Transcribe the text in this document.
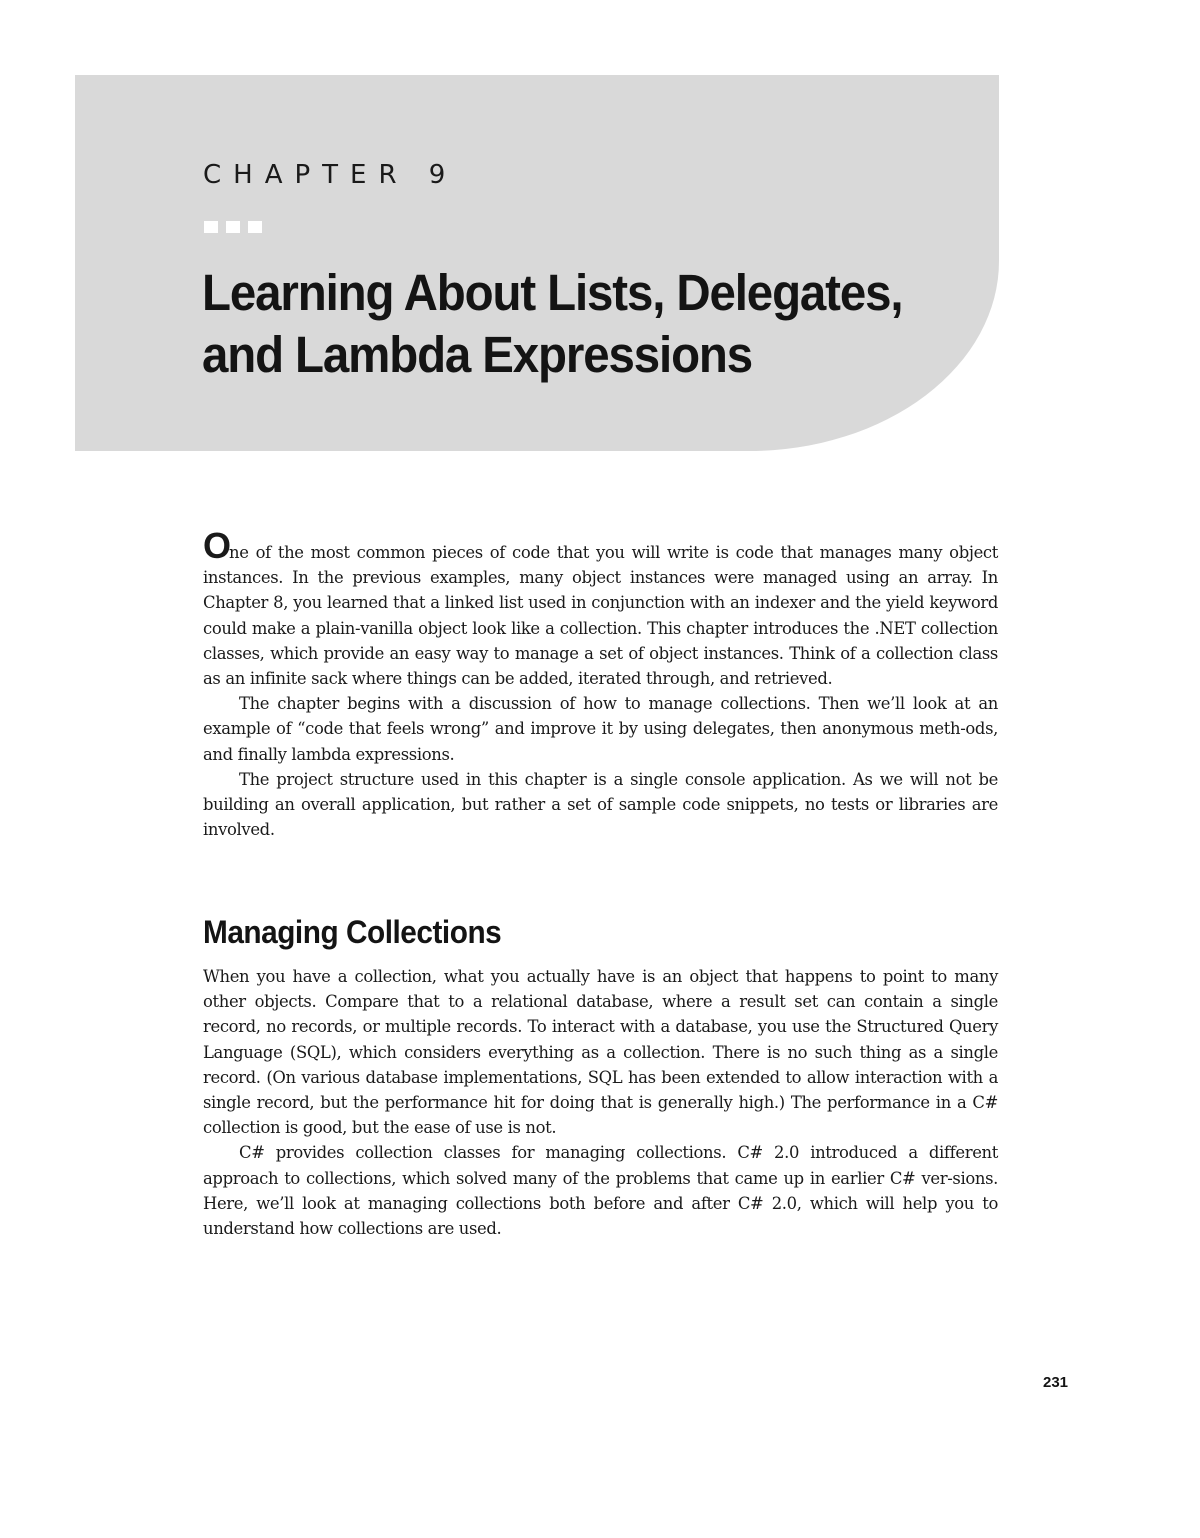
CHAPTER 9

Learning About Lists, Delegates,
and Lambda Expressions

One of the most common pieces of code that you will write is code that manages many object instances. In the previous examples, many object instances were managed using an array. In Chapter 8, you learned that a linked list used in conjunction with an indexer and the yield keyword could make a plain-vanilla object look like a collection. This chapter introduces the .NET collection classes, which provide an easy way to manage a set of object instances. Think of a collection class as an infinite sack where things can be added, iterated through, and retrieved.

The chapter begins with a discussion of how to manage collections. Then we’ll look at an example of “code that feels wrong” and improve it by using delegates, then anonymous meth-ods, and finally lambda expressions.

The project structure used in this chapter is a single console application. As we will not be building an overall application, but rather a set of sample code snippets, no tests or libraries are involved.

Managing Collections

When you have a collection, what you actually have is an object that happens to point to many other objects. Compare that to a relational database, where a result set can contain a single record, no records, or multiple records. To interact with a database, you use the Structured Query Language (SQL), which considers everything as a collection. There is no such thing as a single record. (On various database implementations, SQL has been extended to allow interaction with a single record, but the performance hit for doing that is generally high.) The performance in a C# collection is good, but the ease of use is not.

C# provides collection classes for managing collections. C# 2.0 introduced a different approach to collections, which solved many of the problems that came up in earlier C# ver-sions. Here, we’ll look at managing collections both before and after C# 2.0, which will help you to understand how collections are used.

231
